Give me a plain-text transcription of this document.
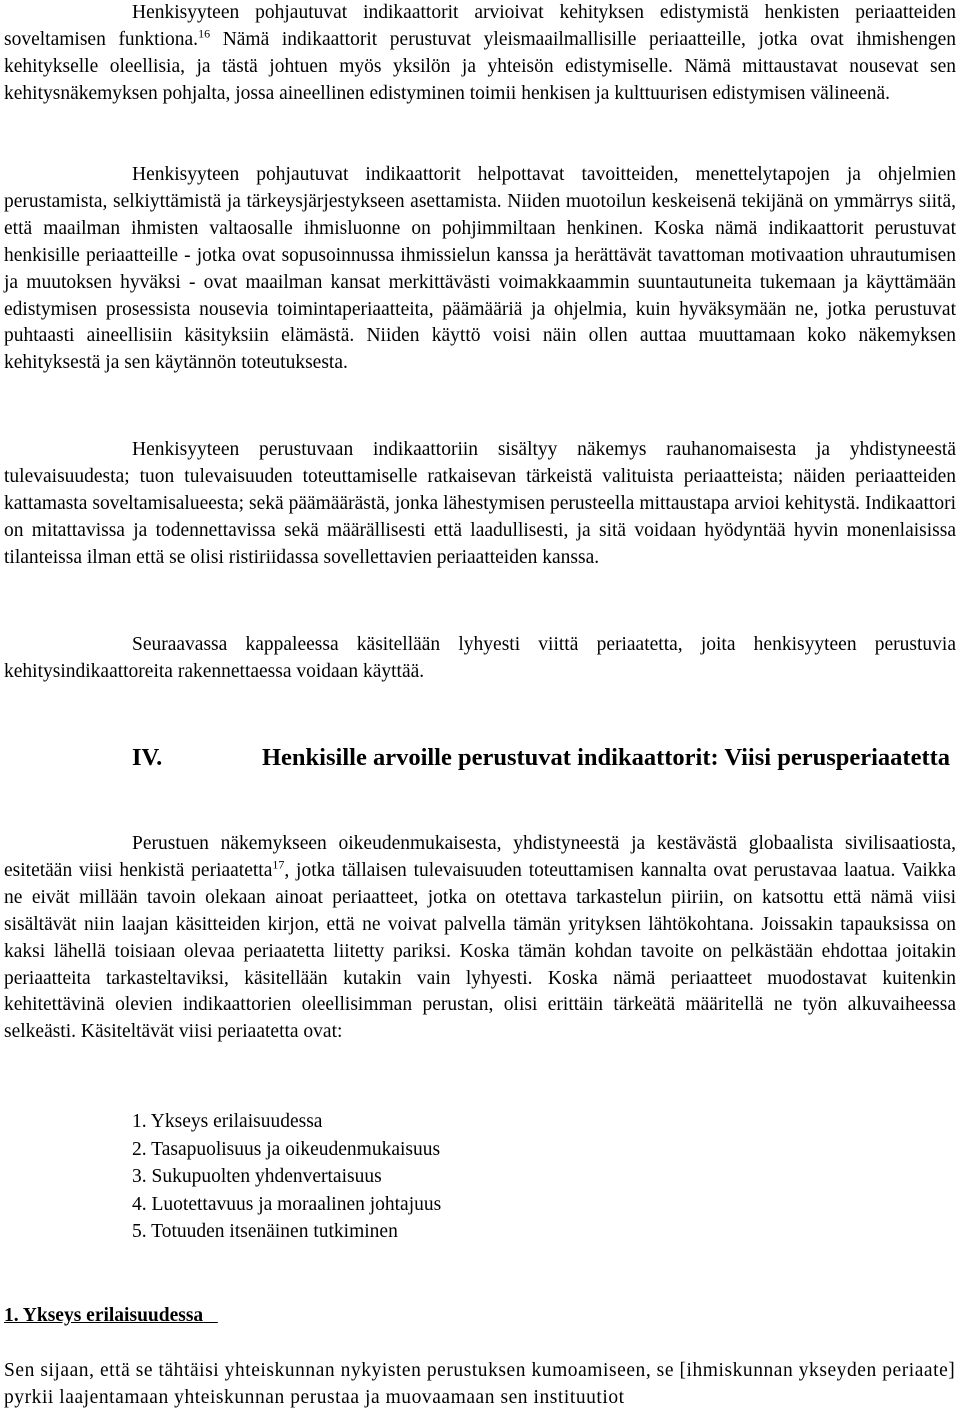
Henkisyyteen pohjautuvat indikaattorit arvioivat kehityksen edistymistä henkisten periaatteiden soveltamisen funktiona.$^{16}$ Nämä indikaattorit perustuvat yleismaailmallisille periaatteille, jotka ovat ihmishengen kehitykselle oleellisia, ja tästä johtuen myös yksilön ja yhteisön edistymiselle. Nämä mittaustavat nousevat sen kehitysnäkemyksen pohjalta, jossa aineellinen edistyminen toimii henkisen ja kulttuurisen edistymisen välineenä.

Henkisyyteen pohjautuvat indikaattorit helpottavat tavoitteiden, menettelytapojen ja ohjelmien perustamista, selkiyttämistä ja tärkeysjärjestykseen asettamista. Niiden muotoilun keskeisenä tekijänä on ymmärrys siitä, että maailman ihmisten valtaosalle ihmisluonne on pohjimmiltaan henkinen. Koska nämä indikaattorit perustuvat henkisille periaatteille - jotka ovat sopusoinnussa ihmissielun kanssa ja herättävät tavattoman motivaation uhrautumisen ja muutoksen hyväksi - ovat maailman kansat merkittävästi voimakkaammin suuntautuneita tukemaan ja käyttämään edistymisen prosessista nousevia toimintaperiaatteita, päämääriä ja ohjelmia, kuin hyväksymään ne, jotka perustuvat puhtaasti aineellisiin käsityksiin elämästä. Niiden käyttö voisi näin ollen auttaa muuttamaan koko näkemyksen kehityksestä ja sen käytännön toteutuksesta.

Henkisyyteen perustuvaan indikaattoriin sisältyy näkemys rauhanomaisesta ja yhdistyneestä tulevaisuudesta; tuon tulevaisuuden toteuttamiselle ratkaisevan tärkeistä valituista periaatteista; näiden periaatteiden kattamasta soveltamisalueesta; sekä päämäärästä, jonka lähestymisen perusteella mittaustapa arvioi kehitystä. Indikaattori on mitattavissa ja todennettavissa sekä määrällisesti että laadullisesti, ja sitä voidaan hyödyntää hyvin monenlaisissa tilanteissa ilman että se olisi ristiriidassa sovellettavien periaatteiden kanssa.

Seuraavassa kappaleessa käsitellään lyhyesti viittä periaatetta, joita henkisyyteen perustuvia kehitysindikaattoreita rakennettaessa voidaan käyttää.

IV.	Henkisille arvoille perustuvat indikaattorit: Viisi perusperiaatetta

Perustuen näkemykseen oikeudenmukaisesta, yhdistyneestä ja kestävästä globaalista sivilisaatiosta, esitetään viisi henkistä periaatetta$^{17}$, jotka tällaisen tulevaisuuden toteuttamisen kannalta ovat perustavaa laatua. Vaikka ne eivät millään tavoin olekaan ainoat periaatteet, jotka on otettava tarkastelun piiriin, on katsottu että nämä viisi sisältävät niin laajan käsitteiden kirjon, että ne voivat palvella tämän yrityksen lähtökohtana. Joissakin tapauksissa on kaksi lähellä toisiaan olevaa periaatetta liitetty pariksi. Koska tämän kohdan tavoite on pelkästään ehdottaa joitakin periaatteita tarkasteltaviksi, käsitellään kutakin vain lyhyesti. Koska nämä periaatteet muodostavat kuitenkin kehitettävinä olevien indikaattorien oleellisimman perustan, olisi erittäin tärkeätä määritellä ne työn alkuvaiheessa selkeästi. Käsiteltävät viisi periaatetta ovat:

1. Ykseys erilaisuudessa
2. Tasapuolisuus ja oikeudenmukaisuus
3. Sukupuolten yhdenvertaisuus
4. Luotettavuus ja moraalinen johtajuus
5. Totuuden itsenäinen tutkiminen

1. Ykseys erilaisuudessa

Sen sijaan, että se tähtäisi yhteiskunnan nykyisten perustuksen kumoamiseen, se [ihmiskunnan ykseyden periaate] pyrkii laajentamaan yhteiskunnan perustaa ja muovaamaan sen instituutiot
